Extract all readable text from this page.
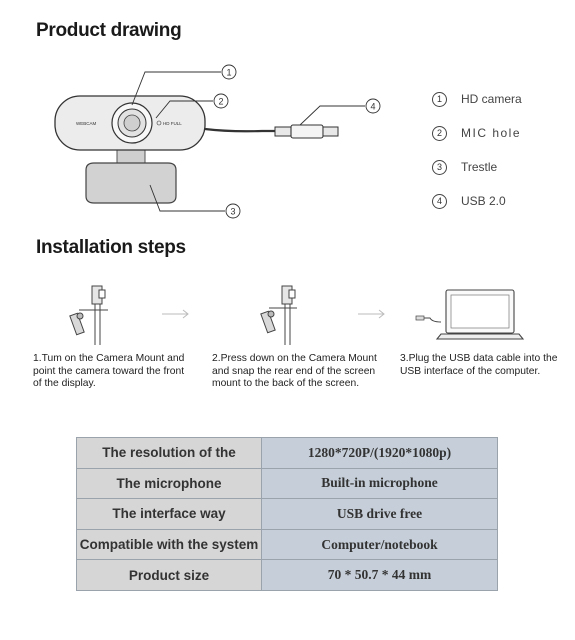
Product drawing
WEBCAM	HD FULL
1
2	4
3
1	HD camera
2	MIC hole
3	Trestle
4	USB 2.0
Installation steps
1.Tum on the Camera Mount and point the camera toward the front of the display.
2.Press down on the Camera Mount and snap the rear end of the screen mount to the back of the screen.
3.Plug the USB data cable into the USB interface of the computer.
The resolution of the	1280*720P/(1920*1080p)
The microphone	Built-in microphone
The interface way	USB drive free
Compatible with the system	Computer/notebook
Product size	70 * 50.7 * 44 mm
